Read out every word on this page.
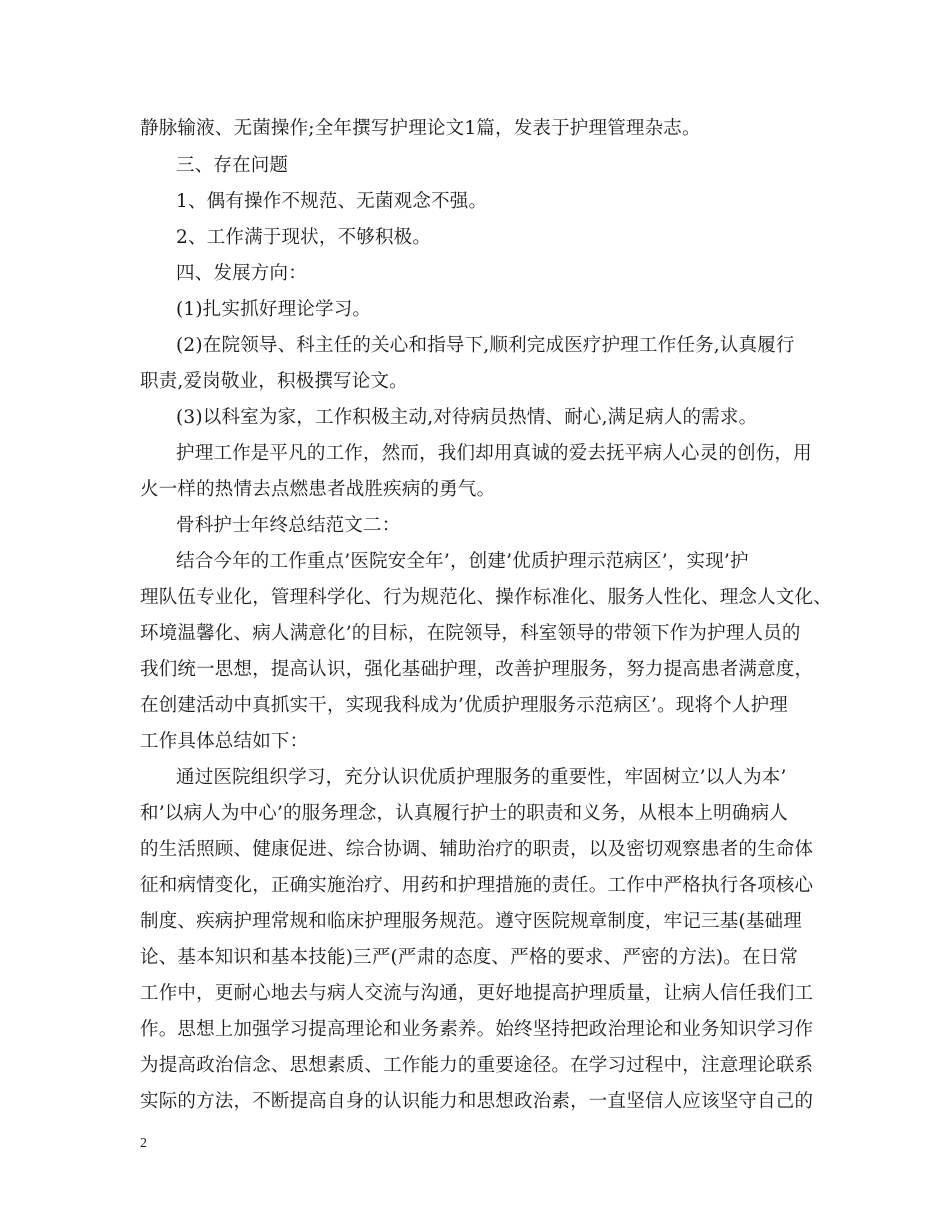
静脉输液、无菌操作;全年撰写护理论文1篇，发表于护理管理杂志。
三、存在问题
1、偶有操作不规范、无菌观念不强。
2、工作满于现状，不够积极。
四、发展方向：
(1)扎实抓好理论学习。
(2)在院领导、科主任的关心和指导下,顺利完成医疗护理工作任务,认真履行
职责,爱岗敬业，积极撰写论文。
(3)以科室为家，工作积极主动,对待病员热情、耐心,满足病人的需求。
护理工作是平凡的工作，然而，我们却用真诚的爱去抚平病人心灵的创伤，用
火一样的热情去点燃患者战胜疾病的勇气。
骨科护士年终总结范文二：
结合今年的工作重点’医院安全年’，创建’优质护理示范病区’，实现’护
理队伍专业化，管理科学化、行为规范化、操作标准化、服务人性化、理念人文化、
环境温馨化、病人满意化’的目标，在院领导，科室领导的带领下作为护理人员的
我们统一思想，提高认识，强化基础护理，改善护理服务，努力提高患者满意度，
在创建活动中真抓实干，实现我科成为’优质护理服务示范病区’。现将个人护理
工作具体总结如下：
通过医院组织学习，充分认识优质护理服务的重要性，牢固树立’以人为本’
和’以病人为中心’的服务理念，认真履行护士的职责和义务，从根本上明确病人
的生活照顾、健康促进、综合协调、辅助治疗的职责，以及密切观察患者的生命体
征和病情变化，正确实施治疗、用药和护理措施的责任。工作中严格执行各项核心
制度、疾病护理常规和临床护理服务规范。遵守医院规章制度，牢记三基(基础理
论、基本知识和基本技能)三严(严肃的态度、严格的要求、严密的方法)。在日常
工作中，更耐心地去与病人交流与沟通，更好地提高护理质量，让病人信任我们工
作。思想上加强学习提高理论和业务素养。始终坚持把政治理论和业务知识学习作
为提高政治信念、思想素质、工作能力的重要途径。在学习过程中，注意理论联系
实际的方法，不断提高自身的认识能力和思想政治素，一直坚信人应该坚守自己的
2
